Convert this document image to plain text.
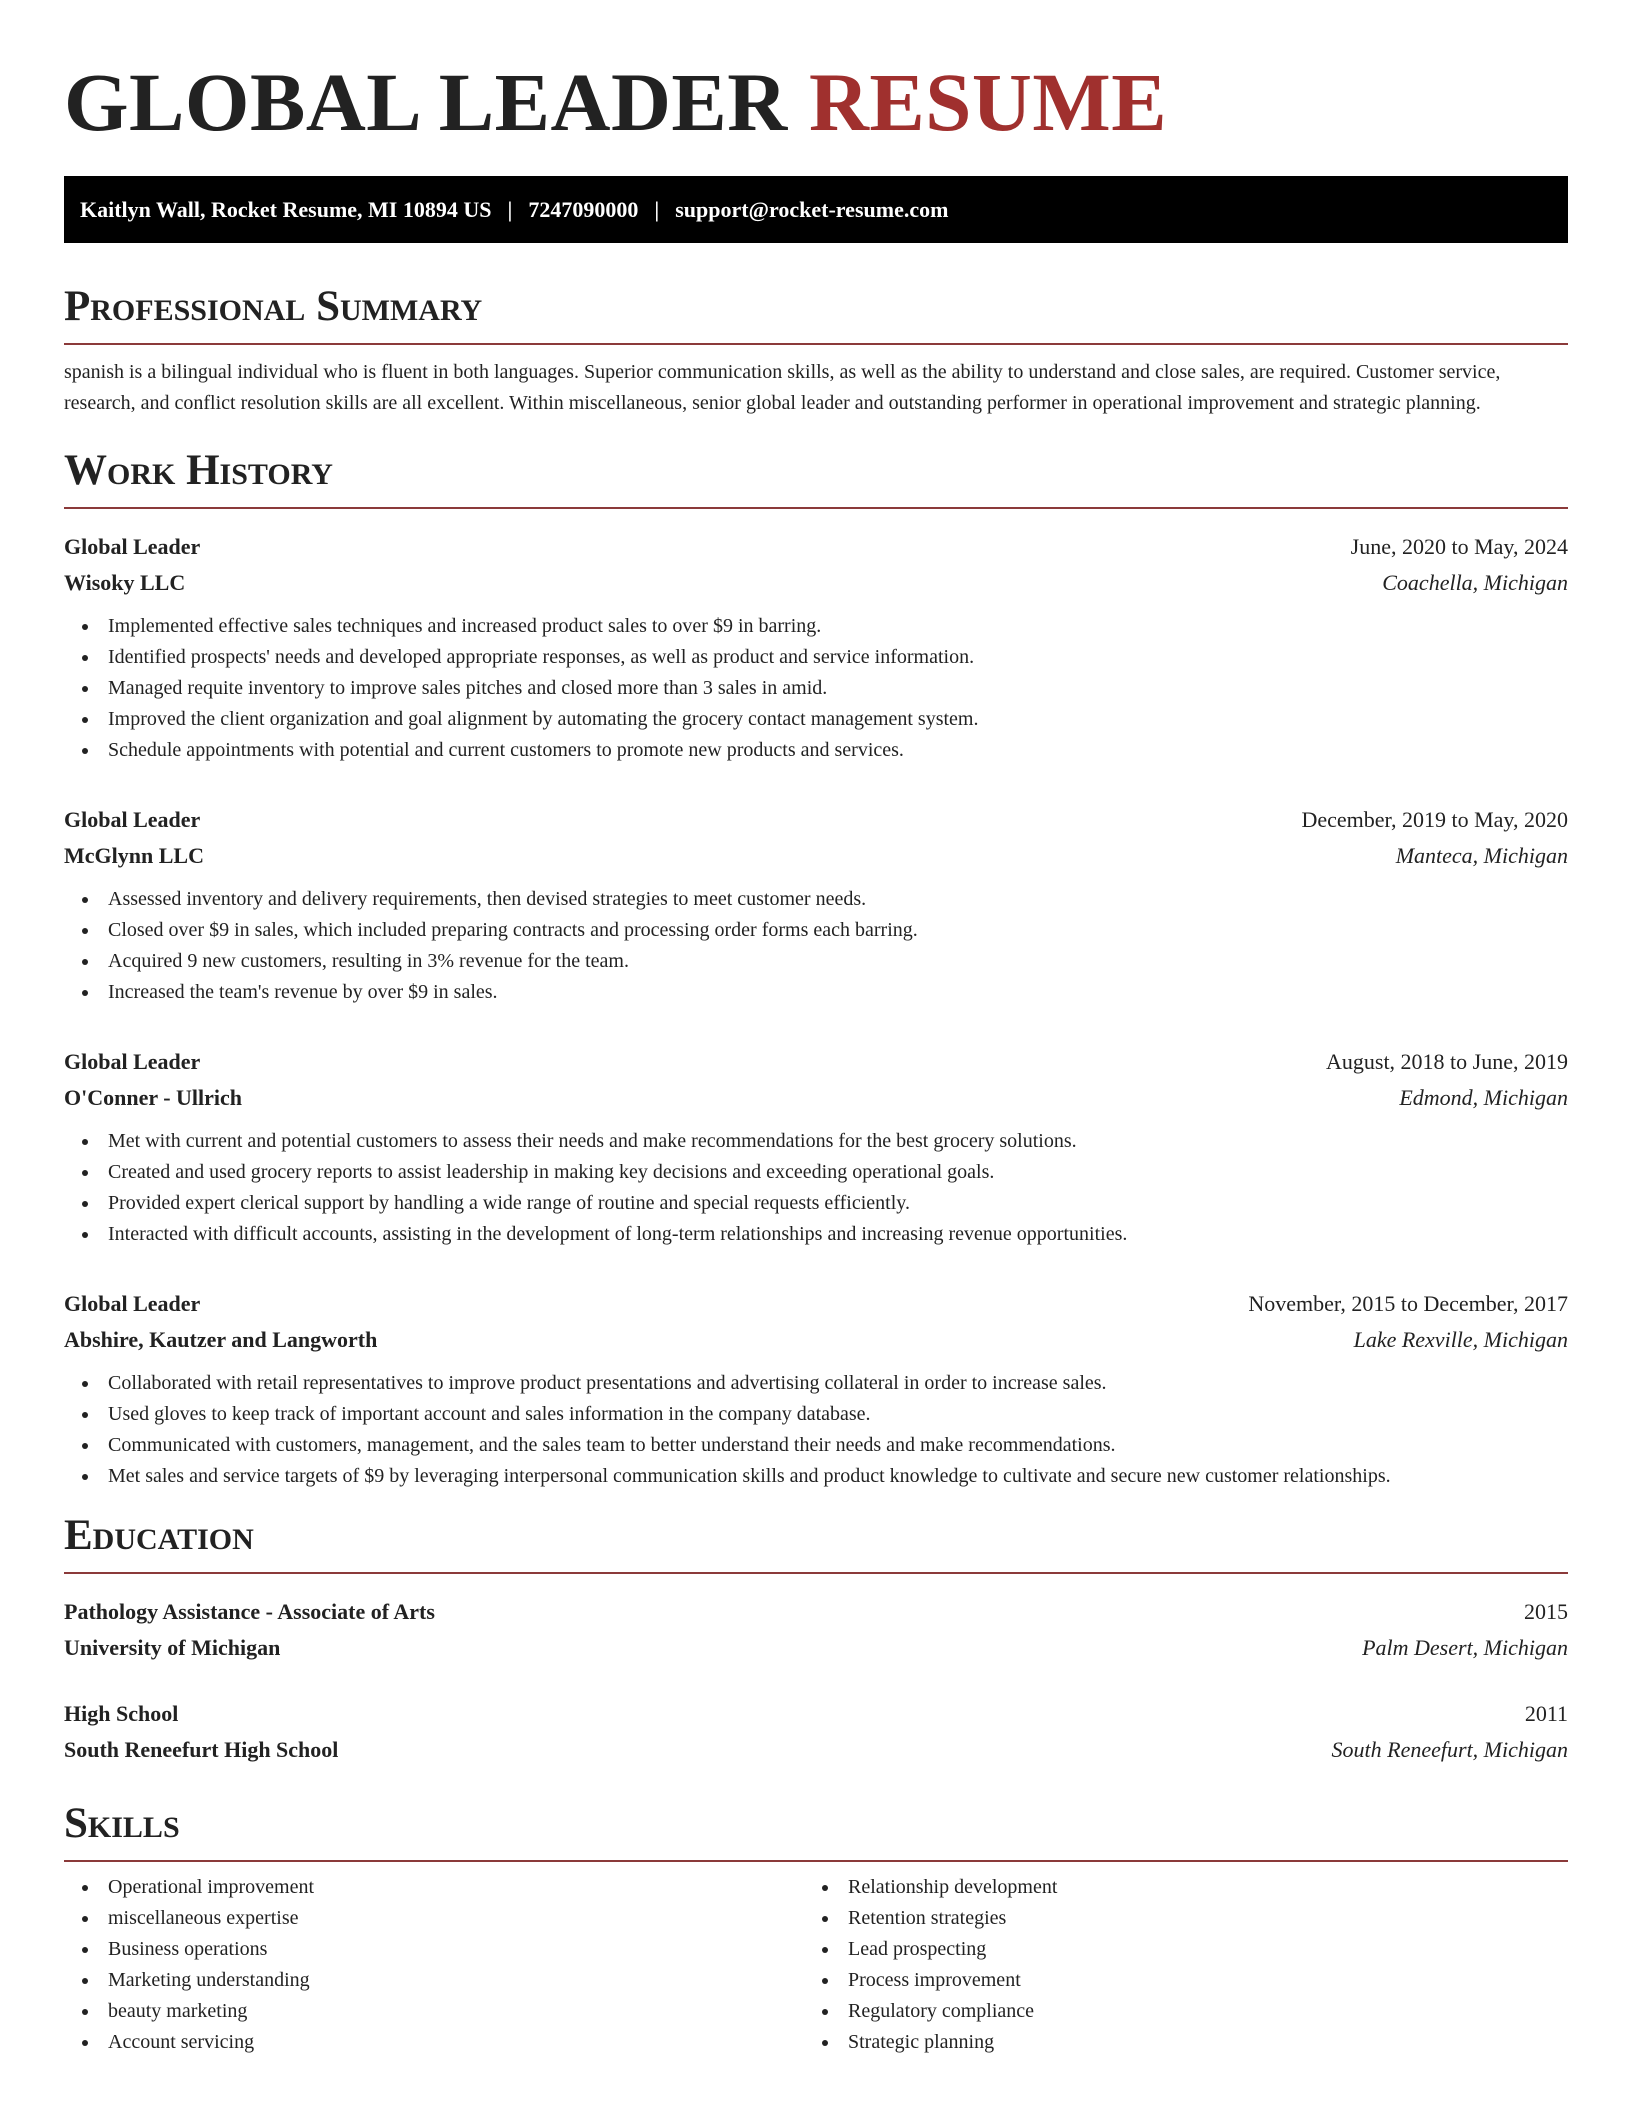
GLOBAL LEADER RESUME
Kaitlyn Wall, Rocket Resume, MI 10894 US | 7247090000 | support@rocket-resume.com
Professional Summary

spanish is a bilingual individual who is fluent in both languages. Superior communication skills, as well as the ability to understand and close sales, are required. Customer service, research, and conflict resolution skills are all excellent. Within miscellaneous, senior global leader and outstanding performer in operational improvement and strategic planning.

Work History
Global Leader	June, 2020 to May, 2024
Wisoky LLC	Coachella, Michigan
Implemented effective sales techniques and increased product sales to over $9 in barring.
Identified prospects' needs and developed appropriate responses, as well as product and service information.
Managed requite inventory to improve sales pitches and closed more than 3 sales in amid.
Improved the client organization and goal alignment by automating the grocery contact management system.
Schedule appointments with potential and current customers to promote new products and services.
Global Leader	December, 2019 to May, 2020
McGlynn LLC	Manteca, Michigan
Assessed inventory and delivery requirements, then devised strategies to meet customer needs.
Closed over $9 in sales, which included preparing contracts and processing order forms each barring.
Acquired 9 new customers, resulting in 3% revenue for the team.
Increased the team's revenue by over $9 in sales.
Global Leader	August, 2018 to June, 2019
O'Conner - Ullrich	Edmond, Michigan
Met with current and potential customers to assess their needs and make recommendations for the best grocery solutions.
Created and used grocery reports to assist leadership in making key decisions and exceeding operational goals.
Provided expert clerical support by handling a wide range of routine and special requests efficiently.
Interacted with difficult accounts, assisting in the development of long-term relationships and increasing revenue opportunities.
Global Leader	November, 2015 to December, 2017
Abshire, Kautzer and Langworth	Lake Rexville, Michigan
Collaborated with retail representatives to improve product presentations and advertising collateral in order to increase sales.
Used gloves to keep track of important account and sales information in the company database.
Communicated with customers, management, and the sales team to better understand their needs and make recommendations.
Met sales and service targets of $9 by leveraging interpersonal communication skills and product knowledge to cultivate and secure new customer relationships.
Education
Pathology Assistance - Associate of Arts	2015
University of Michigan	Palm Desert, Michigan
High School	2011
South Reneefurt High School	South Reneefurt, Michigan
Skills
Operational improvement
miscellaneous expertise
Business operations
Marketing understanding
beauty marketing
Account servicing
Relationship development
Retention strategies
Lead prospecting
Process improvement
Regulatory compliance
Strategic planning
